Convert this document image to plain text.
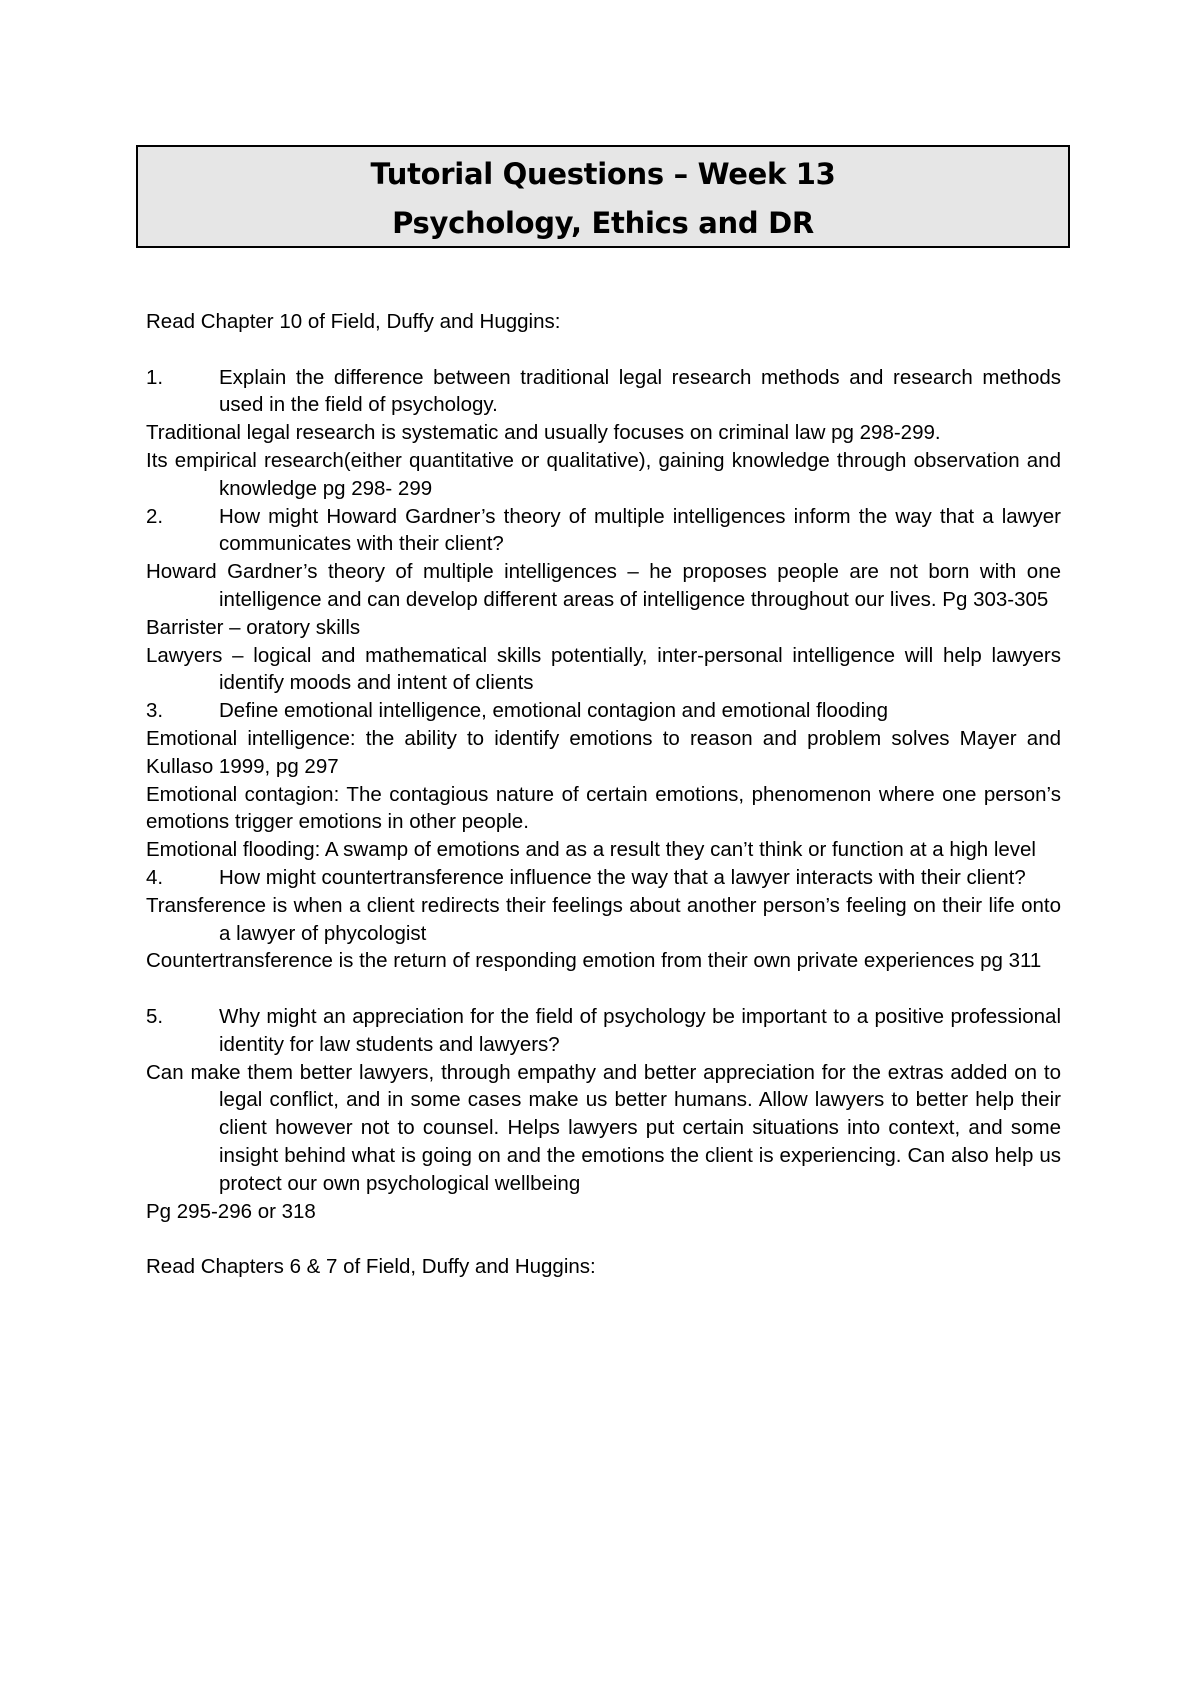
Tutorial Questions – Week 13
Psychology, Ethics and DR

Read Chapter 10 of Field, Duffy and Huggins:

1.	Explain the difference between traditional legal research methods and research methods used in the field of psychology.

Traditional legal research is systematic and usually focuses on criminal law pg 298-299.

Its empirical research(either quantitative or qualitative), gaining knowledge through observation and knowledge pg 298- 299

2.	How might Howard Gardner’s theory of multiple intelligences inform the way that a lawyer communicates with their client?

Howard Gardner’s theory of multiple intelligences – he proposes people are not born with one intelligence and can develop different areas of intelligence throughout our lives. Pg 303-305

Barrister – oratory skills

Lawyers – logical and mathematical skills potentially, inter-personal intelligence will help lawyers identify moods and intent of clients

3.	Define emotional intelligence, emotional contagion and emotional flooding

Emotional intelligence: the ability to identify emotions to reason and problem solves Mayer and Kullaso 1999, pg 297

Emotional contagion: The contagious nature of certain emotions, phenomenon where one person’s emotions trigger emotions in other people.

Emotional flooding: A swamp of emotions and as a result they can’t think or function at a high level

4.	How might countertransference influence the way that a lawyer interacts with their client?

Transference is when a client redirects their feelings about another person’s feeling on their life onto a lawyer of phycologist

Countertransference is the return of responding emotion from their own private experiences pg 311

5.	Why might an appreciation for the field of psychology be important to a positive professional identity for law students and lawyers?

Can make them better lawyers, through empathy and better appreciation for the extras added on to legal conflict, and in some cases make us better humans. Allow lawyers to better help their client however not to counsel. Helps lawyers put certain situations into context, and some insight behind what is going on and the emotions the client is experiencing. Can also help us protect our own psychological wellbeing

Pg 295-296 or 318

Read Chapters 6 & 7 of Field, Duffy and Huggins:
